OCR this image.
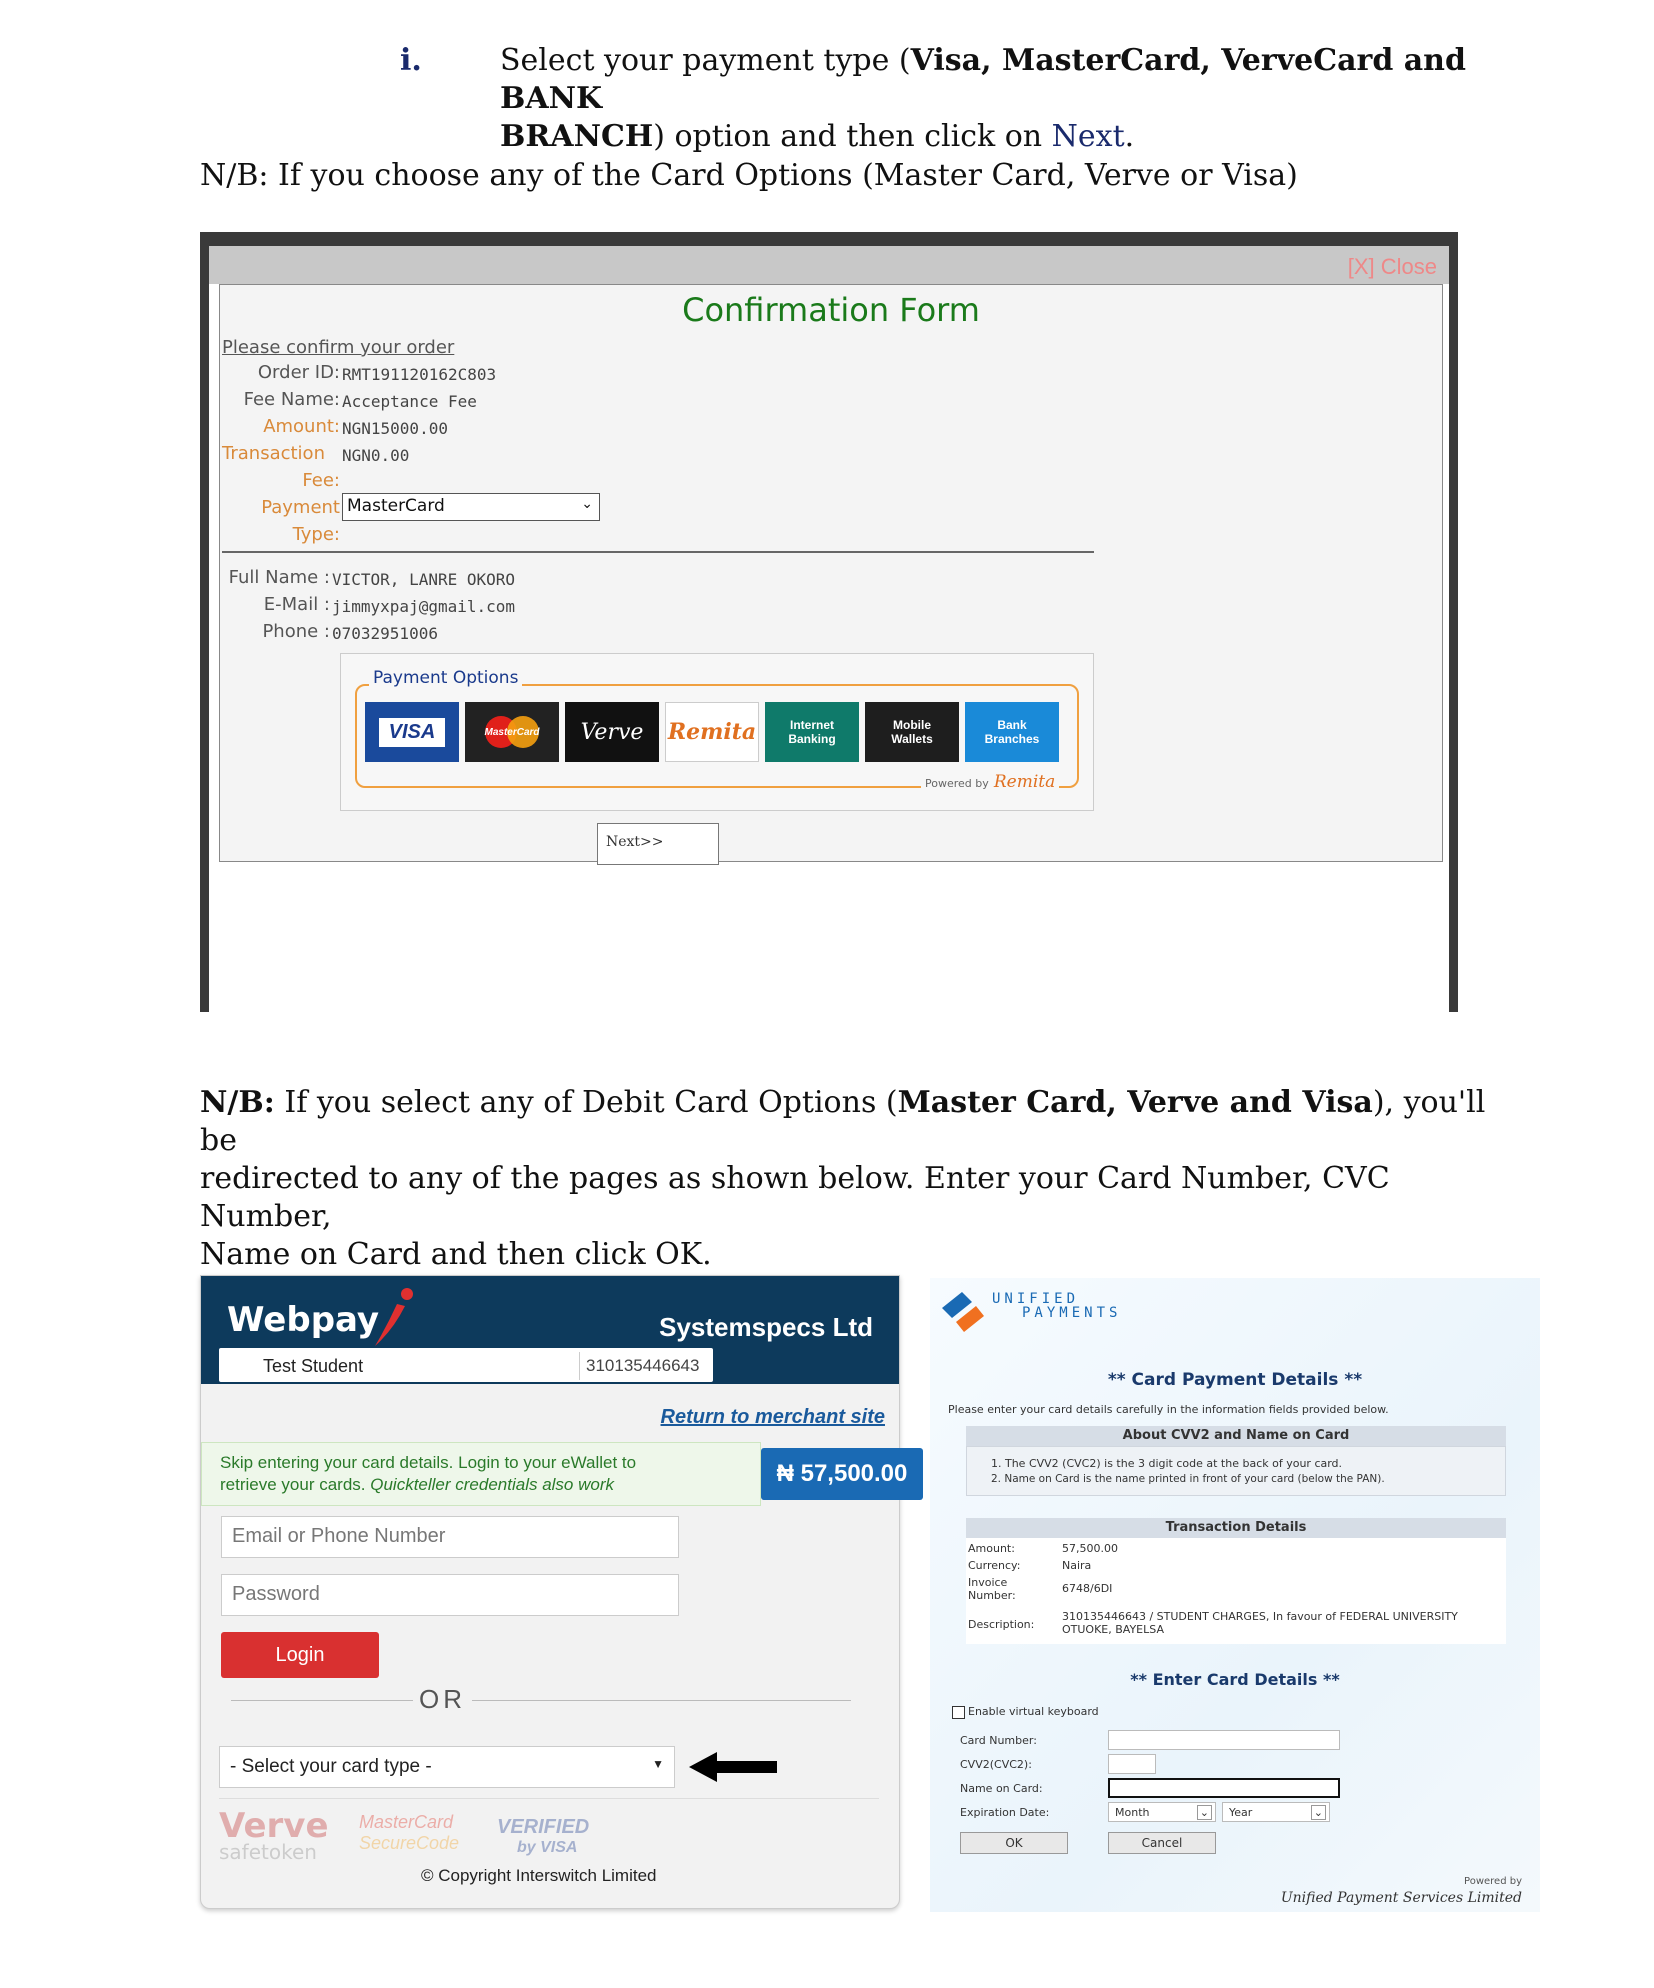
i.	Select your payment type (Visa, MasterCard, VerveCard and BANK
BRANCH) option and then click on Next.
N/B: If you choose any of the Card Options (Master Card, Verve or Visa)
[X] Close
Confirmation Form
Please confirm your order
Order ID: RMT191120162C803
Fee Name: Acceptance Fee
Amount: NGN15000.00
Transaction
Fee:
NGN0.00
Payment
Type:
MasterCard	⌄
Full Name : VICTOR, LANRE OKORO
E-Mail : jimmyxpaj@gmail.com
Phone : 07032951006
Payment Options
VISA	MasterCard Verve Remita	Internet Banking
Mobile Wallets
Bank Branches
Powered by Remita
Next>>
N/B: If you select any of Debit Card Options (Master Card, Verve and Visa), you'll be
redirected to any of the pages as shown below. Enter your Card Number, CVC Number,
Name on Card and then click OK.
Webpay	Systemspecs Ltd
Test Student	310135446643
Return to merchant site
Skip entering your card details. Login to your eWallet to
retrieve your cards. Quickteller credentials also work	₦ 57,500.00
Email or Phone Number
Password
Login
OR
- Select your card type -	▼
Verve
safetoken
MasterCard
SecureCode
VERIFIED
by VISA
© Copyright Interswitch Limited
UNIFIED
PAYMENTS
** Card Payment Details **
Please enter your card details carefully in the information fields provided below.
About CVV2 and Name on Card
1. The CVV2 (CVC2) is the 3 digit code at the back of your card.
2. Name on Card is the name printed in front of your card (below the PAN).
Transaction Details
Amount:	57,500.00
Currency:	Naira
Invoice Number:
6748/6DI
Description:
310135446643 / STUDENT CHARGES, In favour of FEDERAL UNIVERSITY OTUOKE, BAYELSA
** Enter Card Details **
Enable virtual keyboard
Card Number:
CVV2(CVC2):
Name on Card:
Expiration Date:	Month	⌄ Year	⌄
OK	Cancel
Powered by
Unified Payment Services Limited
